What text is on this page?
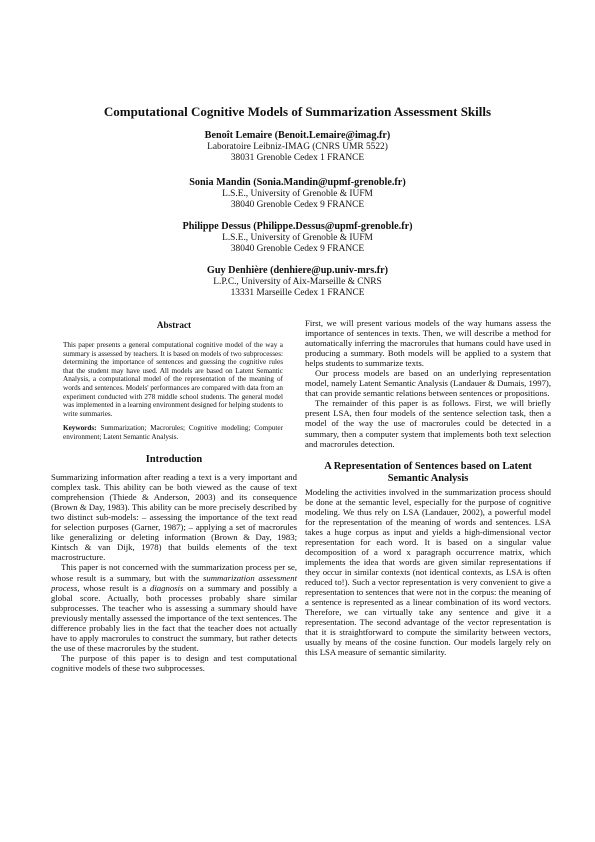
Computational Cognitive Models of Summarization Assessment Skills
Benoît Lemaire (Benoit.Lemaire@imag.fr)
Laboratoire Leibniz-IMAG (CNRS UMR 5522)
38031 Grenoble Cedex 1 FRANCE
Sonia Mandin (Sonia.Mandin@upmf-grenoble.fr)
L.S.E., University of Grenoble & IUFM
38040 Grenoble Cedex 9 FRANCE
Philippe Dessus (Philippe.Dessus@upmf-grenoble.fr)
L.S.E., University of Grenoble & IUFM
38040 Grenoble Cedex 9 FRANCE
Guy Denhière (denhiere@up.univ-mrs.fr)
L.P.C., University of Aix-Marseille & CNRS
13331 Marseille Cedex 1 FRANCE
Abstract

This paper presents a general computational cognitive model of the way a summary is assessed by teachers. It is based on models of two subprocesses: determining the importance of sentences and guessing the cognitive rules that the student may have used. All models are based on Latent Semantic Analysis, a computational model of the representation of the meaning of words and sentences. Models' performances are compared with data from an experiment conducted with 278 middle school students. The general model was implemented in a learning environment designed for helping students to write summaries.

Keywords: Summarization; Macrorules; Cognitive modeling; Computer environment; Latent Semantic Analysis.

Introduction

Summarizing information after reading a text is a very important and complex task. This ability can be both viewed as the cause of text comprehension (Thiede & Anderson, 2003) and its consequence (Brown & Day, 1983). This ability can be more precisely described by two distinct sub-models: – assessing the importance of the text read for selection purposes (Garner, 1987); – applying a set of macrorules like generalizing or deleting information (Brown & Day, 1983; Kintsch & van Dijk, 1978) that builds elements of the text macrostructure.

This paper is not concerned with the summarization process per se, whose result is a summary, but with the summarization assessment process, whose result is a diagnosis on a summary and possibly a global score. Actually, both processes probably share similar subprocesses. The teacher who is assessing a summary should have previously mentally assessed the importance of the text sentences. The difference probably lies in the fact that the teacher does not actually have to apply macrorules to construct the summary, but rather detects the use of these macrorules by the student.

The purpose of this paper is to design and test computational cognitive models of these two subprocesses.

First, we will present various models of the way humans assess the importance of sentences in texts. Then, we will describe a method for automatically inferring the macrorules that humans could have used in producing a summary. Both models will be applied to a system that helps students to summarize texts.

Our process models are based on an underlying representation model, namely Latent Semantic Analysis (Landauer & Dumais, 1997), that can provide semantic relations between sentences or propositions.

The remainder of this paper is as follows. First, we will briefly present LSA, then four models of the sentence selection task, then a model of the way the use of macrorules could be detected in a summary, then a computer system that implements both text selection and macrorules detection.

A Representation of Sentences based on Latent Semantic Analysis

Modeling the activities involved in the summarization process should be done at the semantic level, especially for the purpose of cognitive modeling. We thus rely on LSA (Landauer, 2002), a powerful model for the representation of the meaning of words and sentences. LSA takes a huge corpus as input and yields a high-dimensional vector representation for each word. It is based on a singular value decomposition of a word x paragraph occurrence matrix, which implements the idea that words are given similar representations if they occur in similar contexts (not identical contexts, as LSA is often reduced to!). Such a vector representation is very convenient to give a representation to sentences that were not in the corpus: the meaning of a sentence is represented as a linear combination of its word vectors. Therefore, we can virtually take any sentence and give it a representation. The second advantage of the vector representation is that it is straightforward to compute the similarity between vectors, usually by means of the cosine function. Our models largely rely on this LSA measure of semantic similarity.
